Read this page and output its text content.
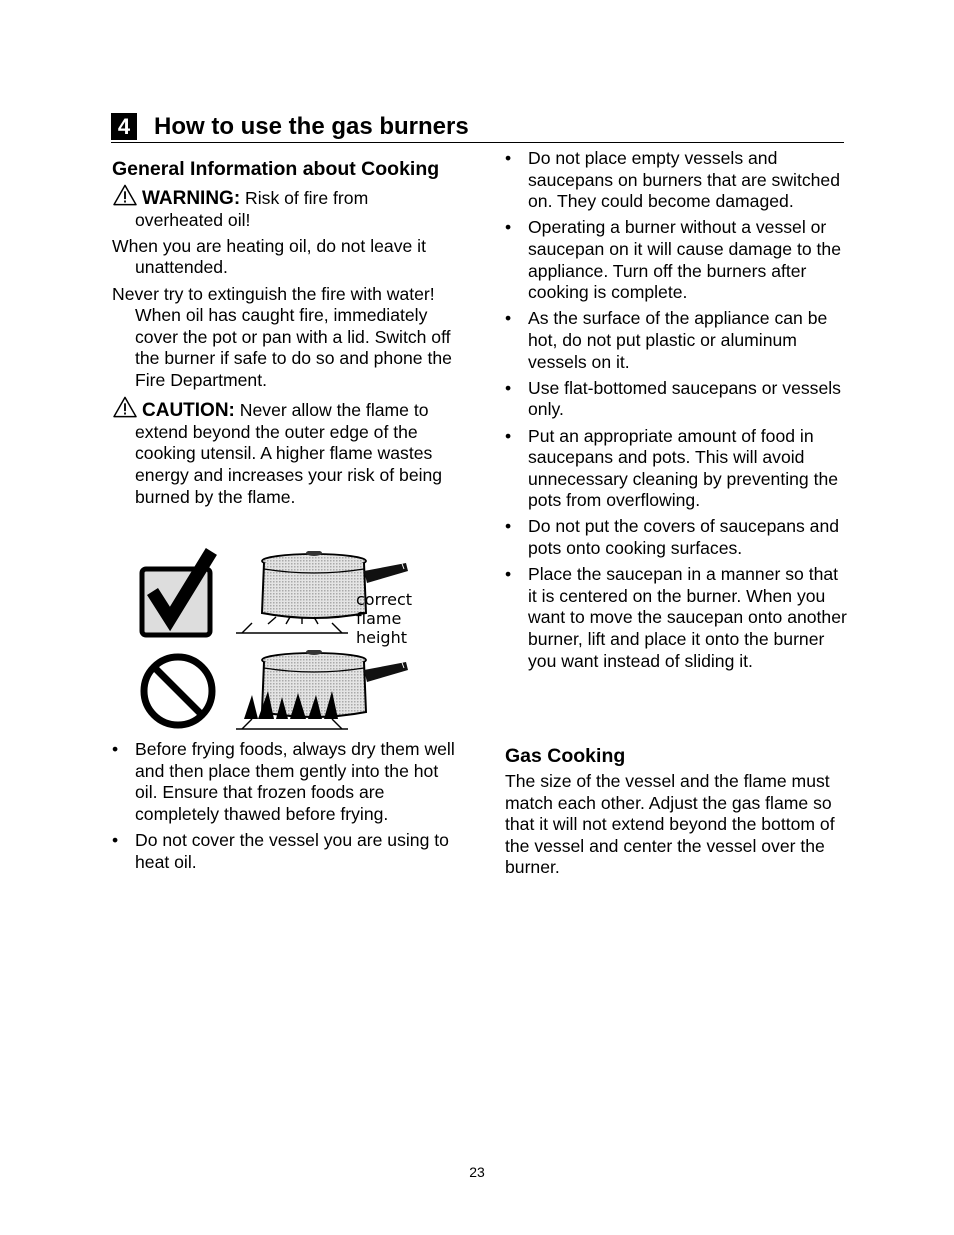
4 How to use the gas burners
General Information about Cooking
WARNING: Risk of fire from overheated oil!
When you are heating oil, do not leave it unattended.
Never try to extinguish the fire with water! When oil has caught fire, immediately cover the pot or pan with a lid. Switch off the burner if safe to do so and phone the Fire Department.
CAUTION: Never allow the flame to extend beyond the outer edge of the cooking utensil. A higher flame wastes energy and increases your risk of being burned by the flame.
correct
flame
height
• Before frying foods, always dry them well and then place them gently into the hot oil. Ensure that frozen foods are completely thawed before frying.
• Do not cover the vessel you are using to heat oil.
• Do not place empty vessels and saucepans on burners that are switched on. They could become damaged.
• Operating a burner without a vessel or saucepan on it will cause damage to the appliance. Turn off the burners after cooking is complete.
• As the surface of the appliance can be hot, do not put plastic or aluminum vessels on it.
• Use flat-bottomed saucepans or vessels only.
• Put an appropriate amount of food in saucepans and pots. This will avoid unnecessary cleaning by preventing the pots from overflowing.
• Do not put the covers of saucepans and pots onto cooking surfaces.
• Place the saucepan in a manner so that it is centered on the burner. When you want to move the saucepan onto another burner, lift and place it onto the burner you want instead of sliding it.
Gas Cooking
The size of the vessel and the flame must match each other. Adjust the gas flame so that it will not extend beyond the bottom of the vessel and center the vessel over the burner.
23
